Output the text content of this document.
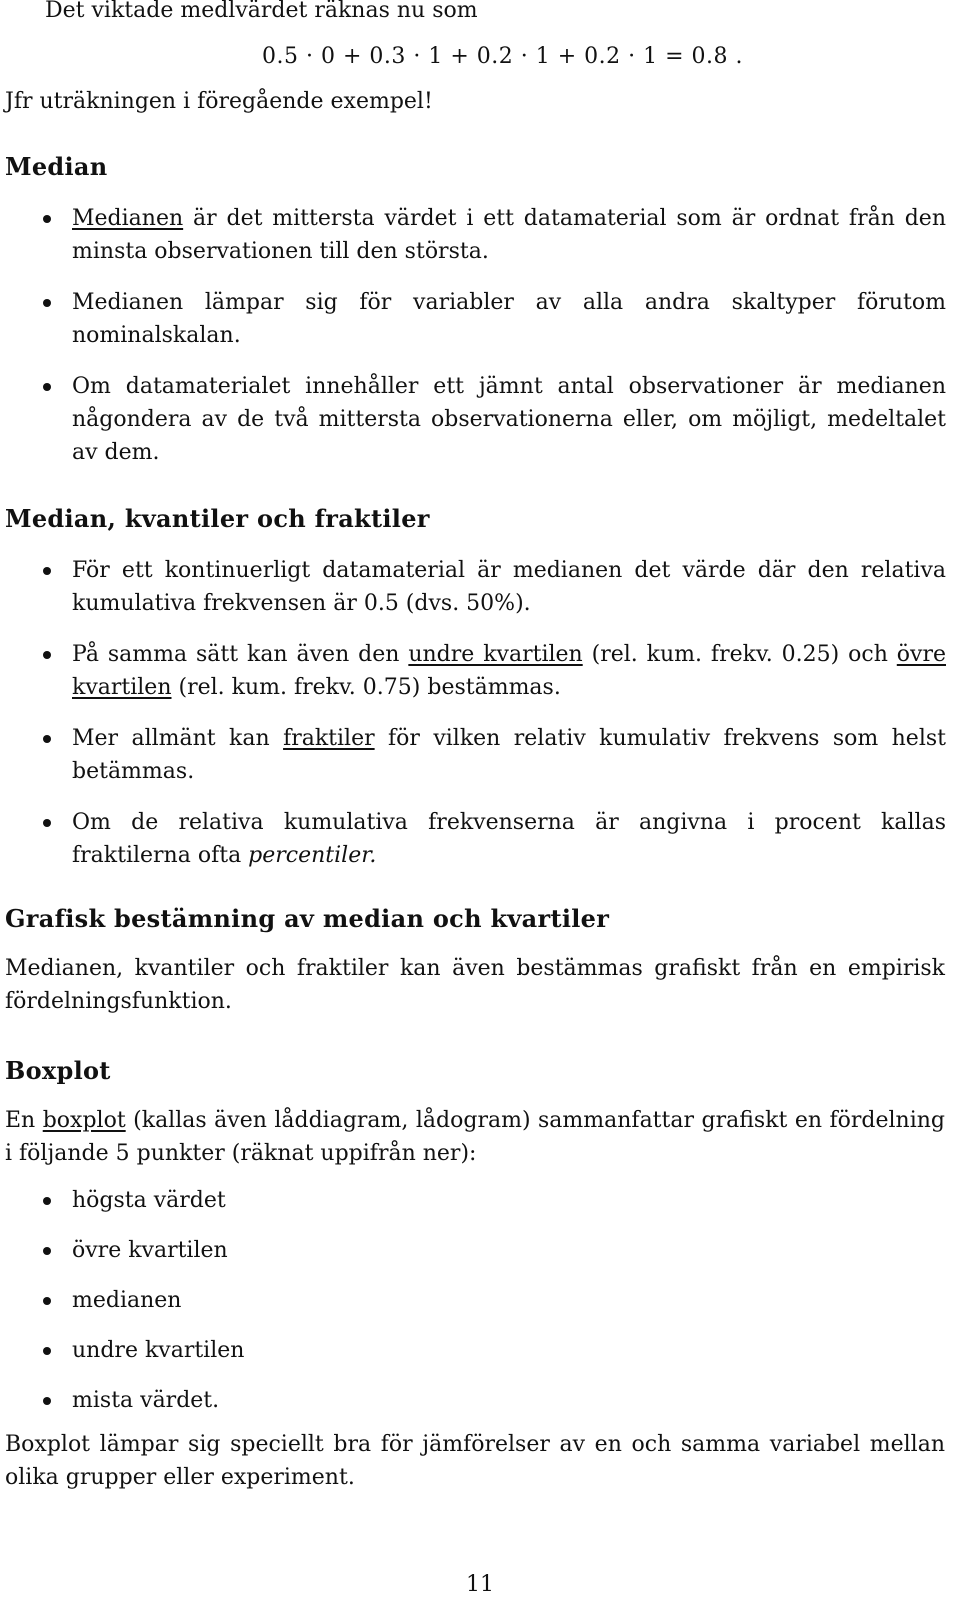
Det viktade medlvärdet räknas nu som

0.5 · 0 + 0.3 · 1 + 0.2 · 1 + 0.2 · 1 = 0.8 .

Jfr uträkningen i föregående exempel!

Median
Medianen är det mittersta värdet i ett datamaterial som är ordnat från den minsta observationen till den största.
Medianen lämpar sig för variabler av alla andra skaltyper förutom nominalskalan.
Om datamaterialet innehåller ett jämnt antal observationer är medianen någondera av de två mittersta observationerna eller, om möjligt, medeltalet av dem.
Median, kvantiler och fraktiler
För ett kontinuerligt datamaterial är medianen det värde där den relativa kumulativa frekvensen är 0.5 (dvs. 50%).
På samma sätt kan även den undre kvartilen (rel. kum. frekv. 0.25) och övre kvartilen (rel. kum. frekv. 0.75) bestämmas.
Mer allmänt kan fraktiler för vilken relativ kumulativ frekvens som helst betämmas.
Om de relativa kumulativa frekvenserna är angivna i procent kallas fraktilerna ofta percentiler.
Grafisk bestämning av median och kvartiler

Medianen, kvantiler och fraktiler kan även bestämmas grafiskt från en empirisk fördelningsfunktion.

Boxplot

En boxplot (kallas även låddiagram, lådogram) sammanfattar grafiskt en fördelning i följande 5 punkter (räknat uppifrån ner):

högsta värdet
övre kvartilen
medianen
undre kvartilen
mista värdet.

Boxplot lämpar sig speciellt bra för jämförelser av en och samma variabel mellan olika grupper eller experiment.

11
